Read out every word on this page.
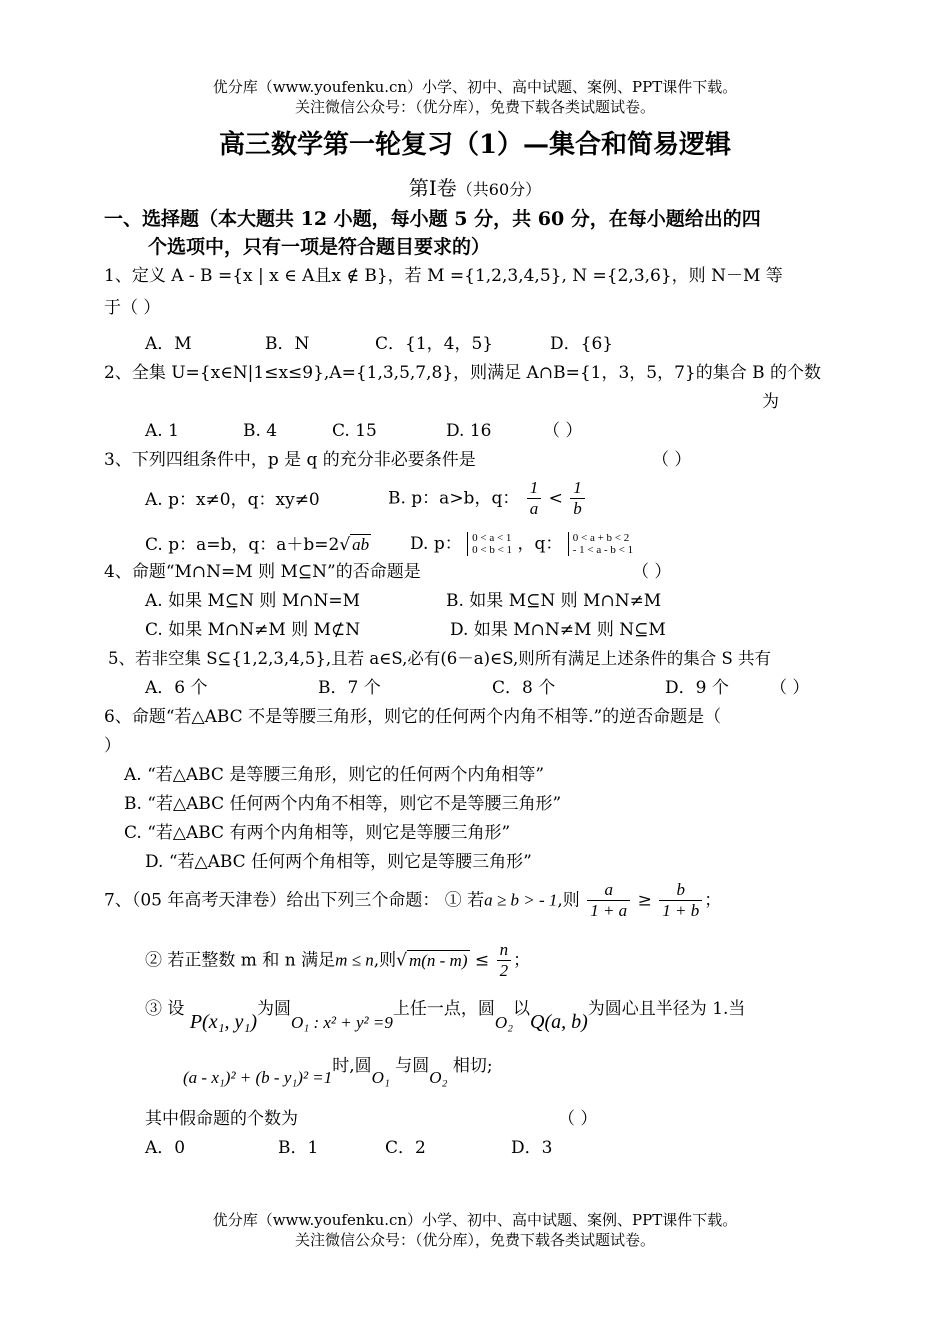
优分库（www.youfenku.cn）小学、初中、高中试题、案例、PPT课件下载。
关注微信公众号：（优分库），免费下载各类试题试卷。
高三数学第一轮复习（1）—集合和简易逻辑
第Ⅰ卷（共60分）
一、选择题（本大题共 12 小题，每小题 5 分，共 60 分，在每小题给出的四
个选项中，只有一项是符合题目要求的）
1、定义 A - B ={x | x ∈ A且x ∉ B}，若 M ={1,2,3,4,5}, N ={2,3,6}，则 N－M 等
于（ ）
A．M	B．N	C．{1，4，5}	D．{6}
2、全集 U={x∈N|1≤x≤9},A={1,3,5,7,8}，则满足 A∩B={1，3，5，7}的集合 B 的个数
为
A. 1	B. 4	C. 15	D. 16	（ ）
3、下列四组条件中，p 是 q 的充分非必要条件是	（ ）
A. p：x≠0，q：xy≠0	B. p：a>b，q： $\frac{1}{a} < \frac{1}{b}$
C. p：a=b，q：a＋b=2√ ab D. p： 0 < a < 1
0 < b < 1 ，q： 0 < a + b < 2
- 1 < a - b < 1
4、命题“M∩N=M 则 M⊆N”的否命题是	（ ）
A. 如果 M⊆N 则 M∩N=M	B. 如果 M⊆N 则 M∩N≠M
C. 如果 M∩N≠M 则 M⊄N	D. 如果 M∩N≠M 则 N⊆M
5、若非空集 S⊆{1,2,3,4,5},且若 a∈S,必有(6－a)∈S,则所有满足上述条件的集合 S 共有
A．6 个	B．7 个	C．8 个	D．9 个 （ ）
6、命题“若△ABC 不是等腰三角形，则它的任何两个内角不相等.”的逆否命题是（
）
A. “若△ABC 是等腰三角形，则它的任何两个内角相等”
B. “若△ABC 任何两个内角不相等，则它不是等腰三角形”
C. “若△ABC 有两个内角相等，则它是等腰三角形”
D. “若△ABC 任何两个角相等，则它是等腰三角形”
7、（05 年高考天津卷）给出下列三个命题： ① 若a ≥ b > - 1,则 $\frac{a}{1 + a} \ge \frac{b}{1 + b}$ ；
② 若正整数 m 和 n 满足m ≤ n,则√ $m(n - m) \le \frac{n}{2}$ ；
③ 设 P(x₁, y₁)为圆O₁ : x² + y² =9上任一点，圆O₂以Q(a, b)为圆心且半径为 1.当
(a - x₁)² + (b - y₁)² =1时,圆O₁ 与圆O₂ 相切;
其中假命题的个数为	（ ）
A．0	B．1	C．2	D．3
优分库（www.youfenku.cn）小学、初中、高中试题、案例、PPT课件下载。
关注微信公众号：（优分库），免费下载各类试题试卷。
